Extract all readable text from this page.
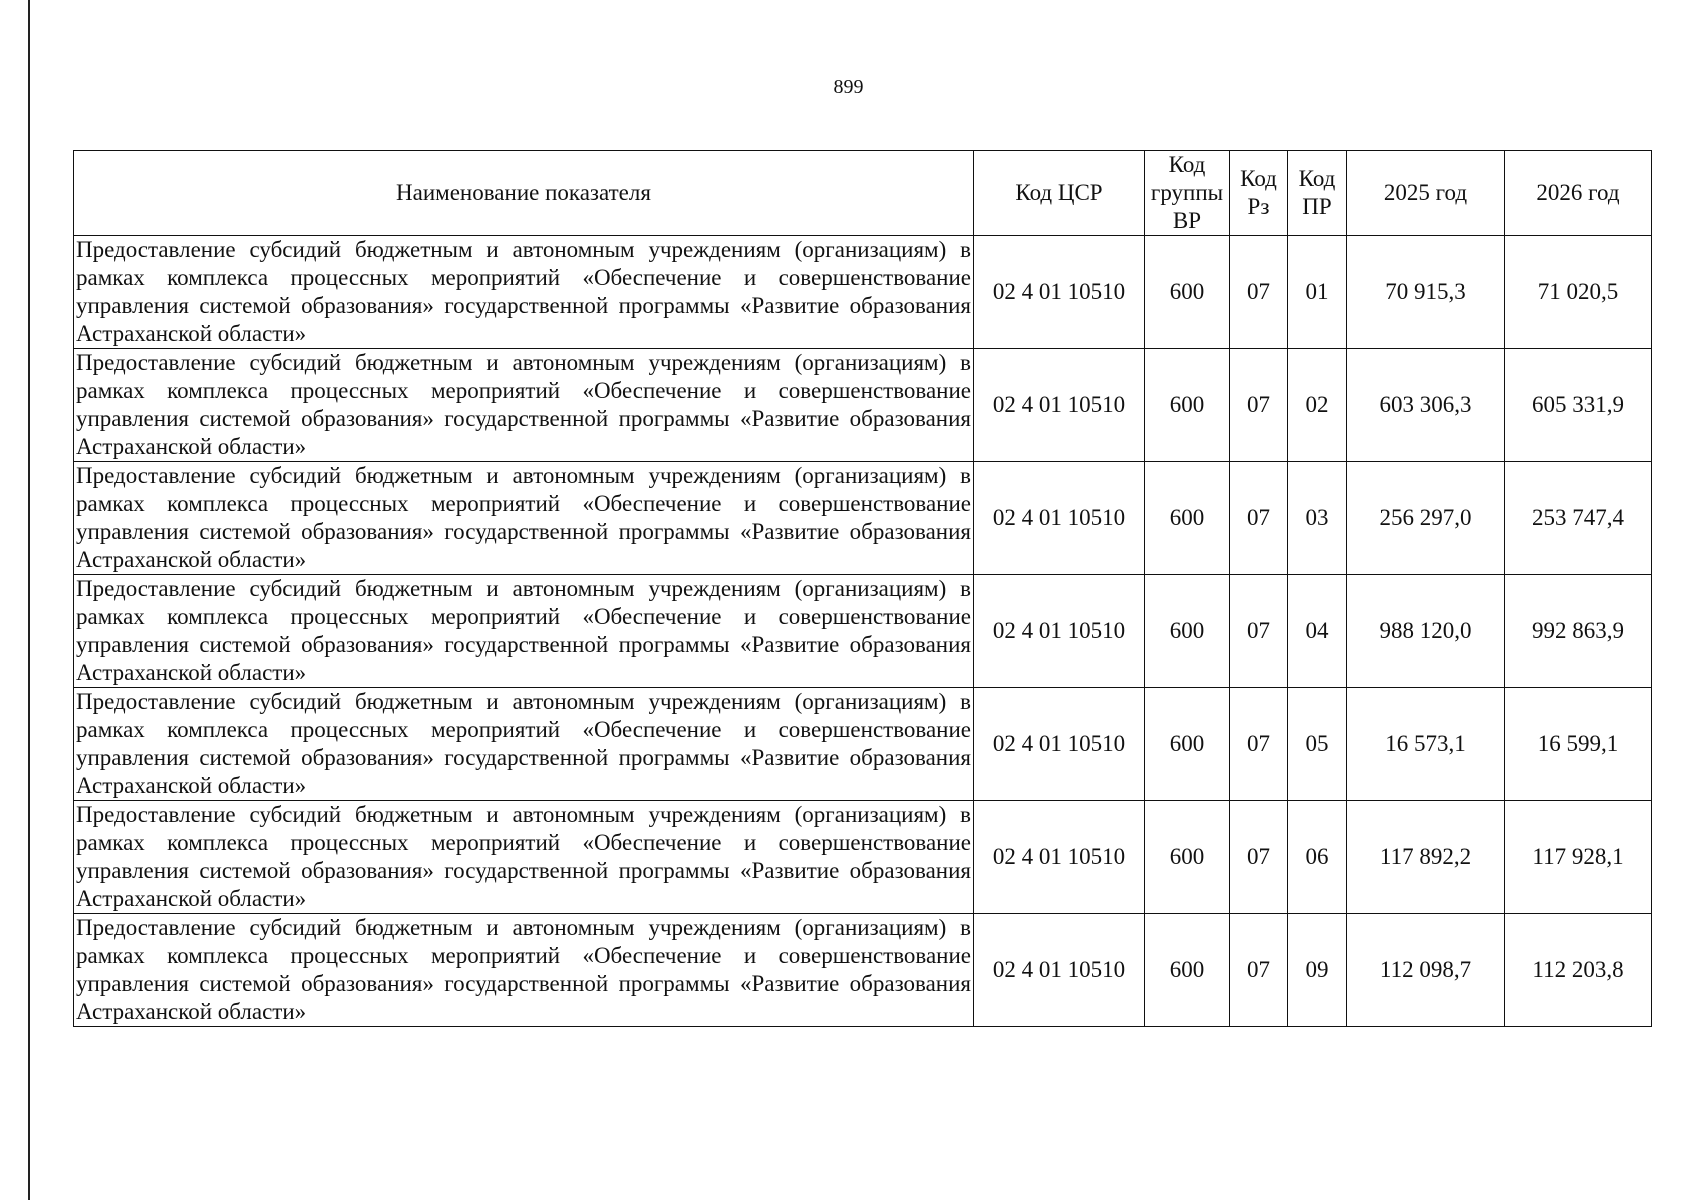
899
Наименование показателя	Код ЦСР	Код группы ВР	Код Рз	Код ПР	2025 год	2026 год
Предоставление субсидий бюджетным и автономным учреждениям (организациям) в рамках комплекса процессных мероприятий «Обеспечение и совершенствование управления системой образования» государственной программы «Развитие образования Астраханской области»	02 4 01 10510	600	07	01	70 915,3	71 020,5
Предоставление субсидий бюджетным и автономным учреждениям (организациям) в рамках комплекса процессных мероприятий «Обеспечение и совершенствование управления системой образования» государственной программы «Развитие образования Астраханской области»	02 4 01 10510	600	07	02	603 306,3	605 331,9
Предоставление субсидий бюджетным и автономным учреждениям (организациям) в рамках комплекса процессных мероприятий «Обеспечение и совершенствование управления системой образования» государственной программы «Развитие образования Астраханской области»	02 4 01 10510	600	07	03	256 297,0	253 747,4
Предоставление субсидий бюджетным и автономным учреждениям (организациям) в рамках комплекса процессных мероприятий «Обеспечение и совершенствование управления системой образования» государственной программы «Развитие образования Астраханской области»	02 4 01 10510	600	07	04	988 120,0	992 863,9
Предоставление субсидий бюджетным и автономным учреждениям (организациям) в рамках комплекса процессных мероприятий «Обеспечение и совершенствование управления системой образования» государственной программы «Развитие образования Астраханской области»	02 4 01 10510	600	07	05	16 573,1	16 599,1
Предоставление субсидий бюджетным и автономным учреждениям (организациям) в рамках комплекса процессных мероприятий «Обеспечение и совершенствование управления системой образования» государственной программы «Развитие образования Астраханской области»	02 4 01 10510	600	07	06	117 892,2	117 928,1
Предоставление субсидий бюджетным и автономным учреждениям (организациям) в рамках комплекса процессных мероприятий «Обеспечение и совершенствование управления системой образования» государственной программы «Развитие образования Астраханской области»	02 4 01 10510	600	07	09	112 098,7	112 203,8
